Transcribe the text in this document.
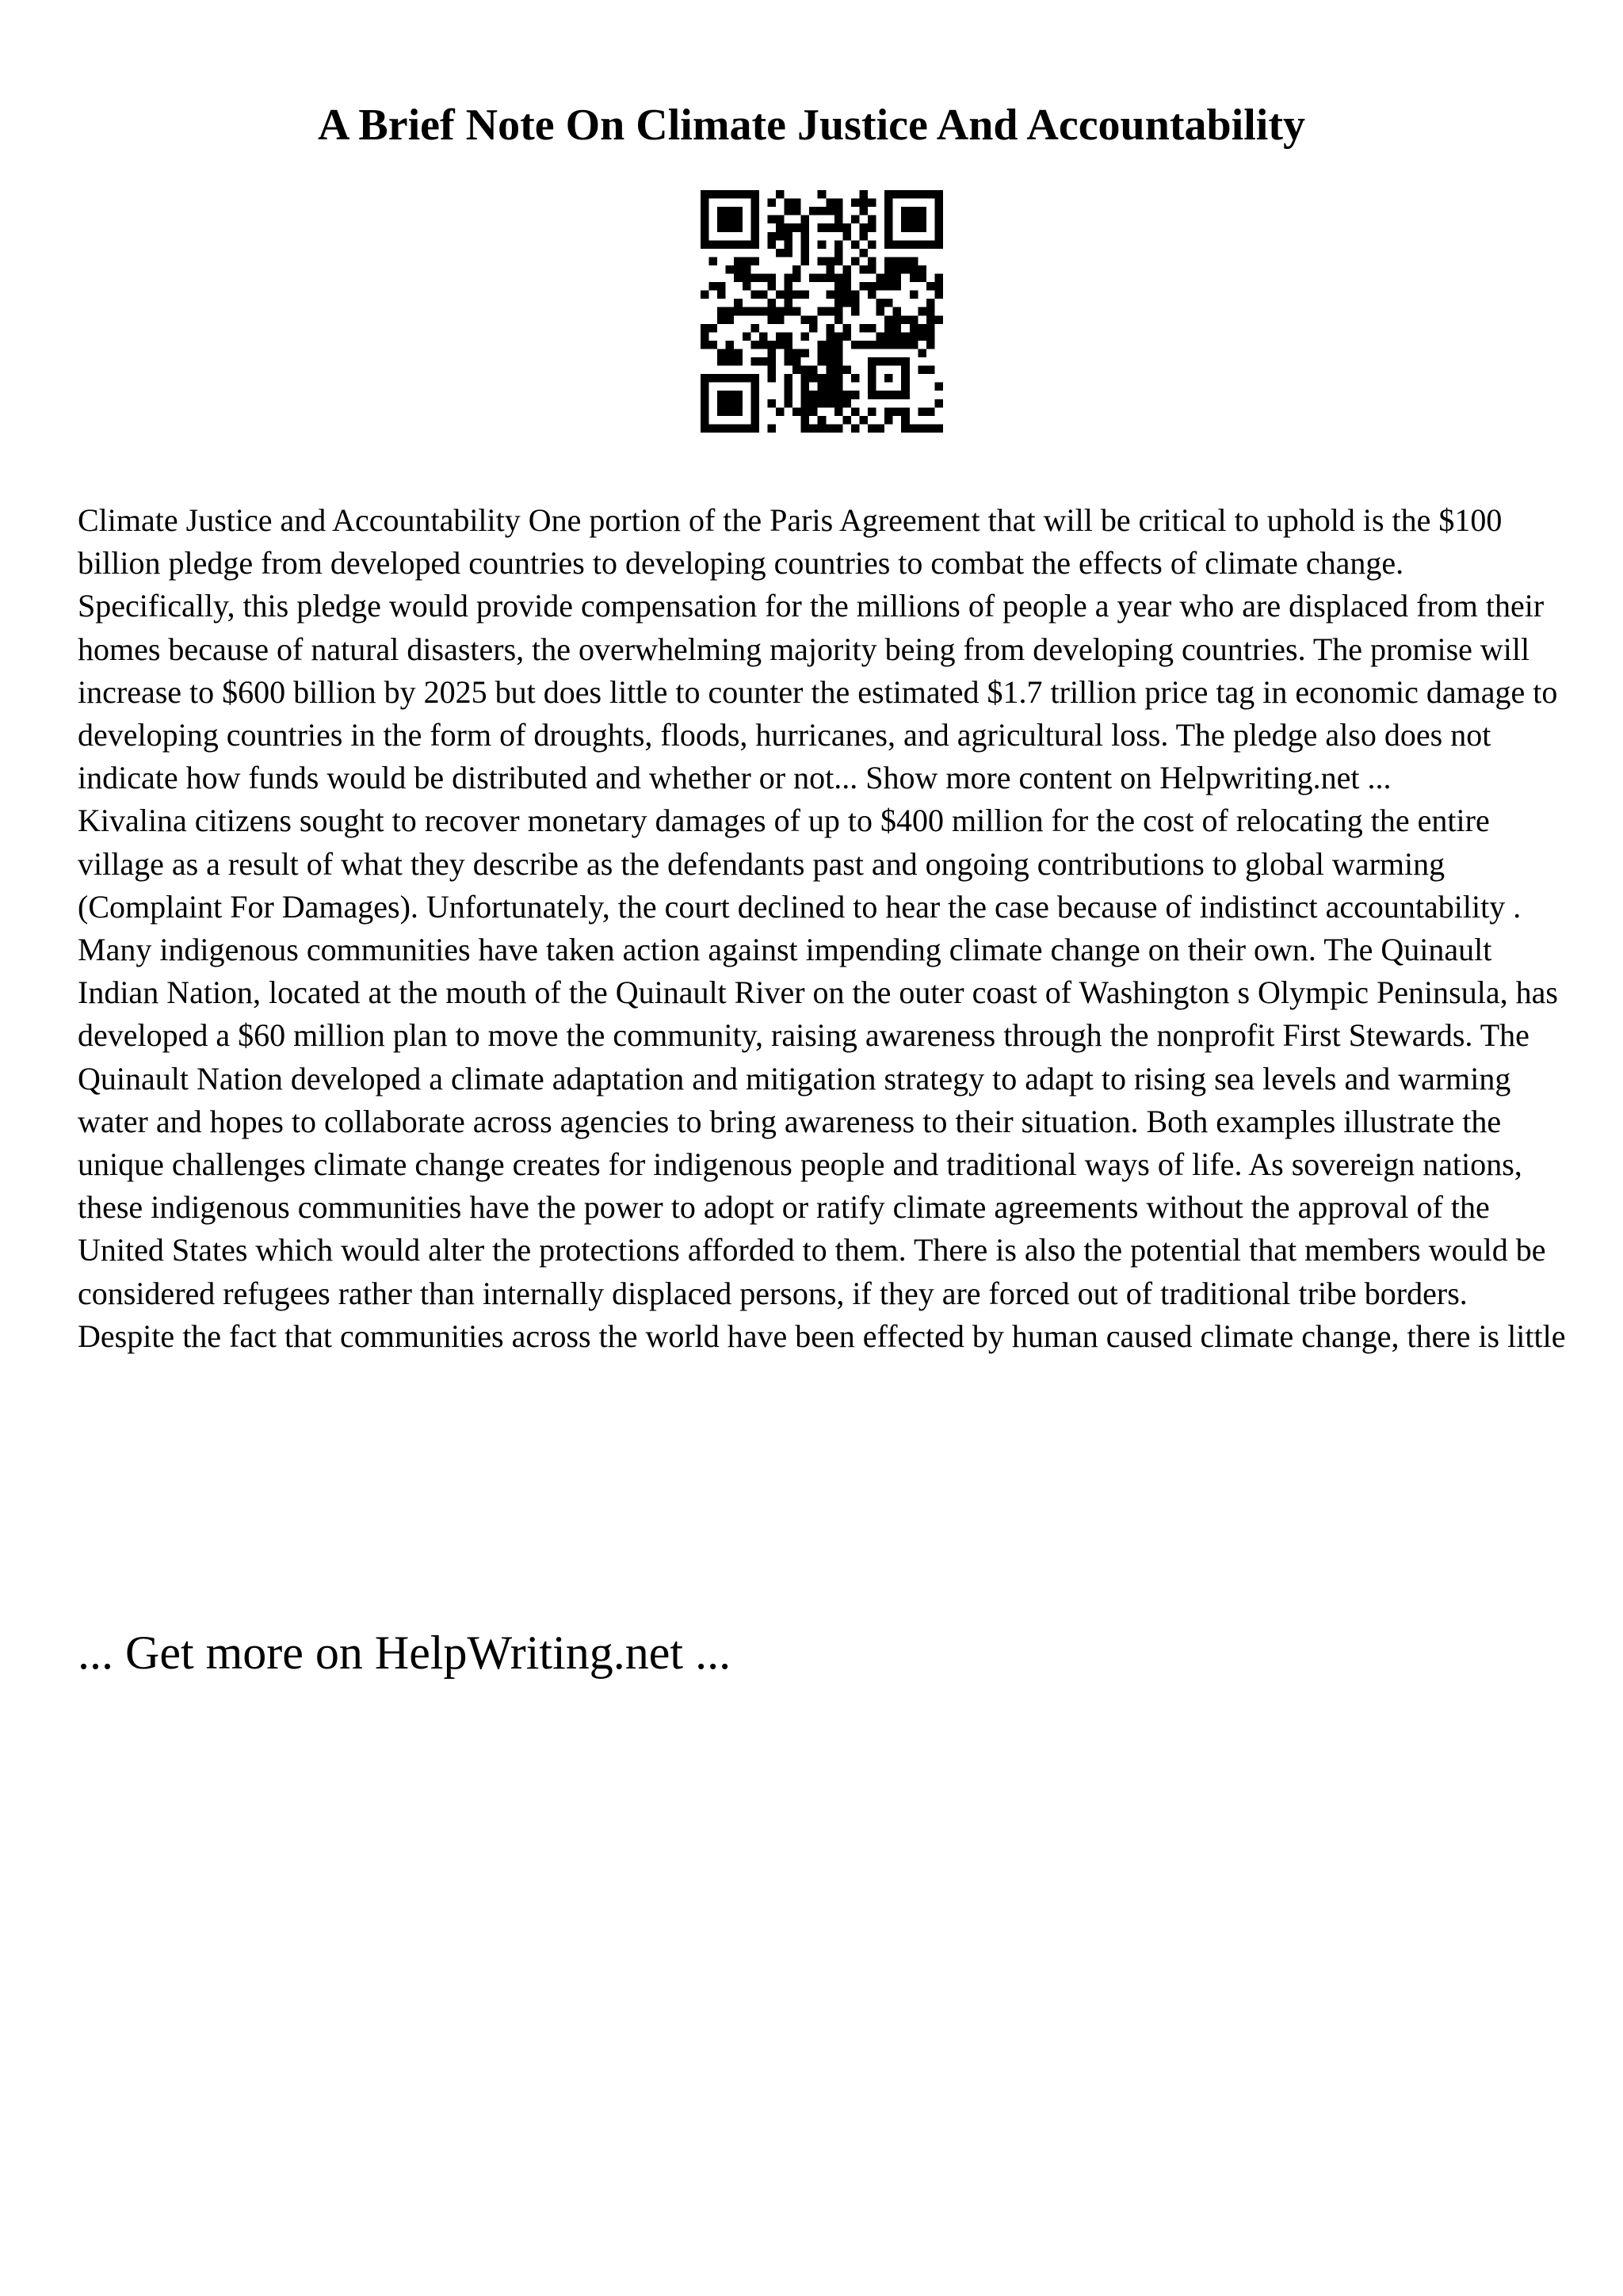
A Brief Note On Climate Justice And Accountability

Climate Justice and Accountability One portion of the Paris Agreement that will be critical to uphold is the $100 billion pledge from developed countries to developing countries to combat the effects of climate change. Specifically, this pledge would provide compensation for the millions of people a year who are displaced from their homes because of natural disasters, the overwhelming majority being from developing countries. The promise will increase to $600 billion by 2025 but does little to counter the estimated $1.7 trillion price tag in economic damage to developing countries in the form of droughts, floods, hurricanes, and agricultural loss. The pledge also does not indicate how funds would be distributed and whether or not... Show more content on Helpwriting.net ...

Kivalina citizens sought to recover monetary damages of up to $400 million for the cost of relocating the entire village as a result of what they describe as the defendants past and ongoing contributions to global warming (Complaint For Damages). Unfortunately, the court declined to hear the case because of indistinct accountability . Many indigenous communities have taken action against impending climate change on their own. The Quinault Indian Nation, located at the mouth of the Quinault River on the outer coast of Washington s Olympic Peninsula, has developed a $60 million plan to move the community, raising awareness through the nonprofit First Stewards. The Quinault Nation developed a climate adaptation and mitigation strategy to adapt to rising sea levels and warming water and hopes to collaborate across agencies to bring awareness to their situation. Both examples illustrate the unique challenges climate change creates for indigenous people and traditional ways of life. As sovereign nations, these indigenous communities have the power to adopt or ratify climate agreements without the approval of the United States which would alter the protections afforded to them. There is also the potential that members would be considered refugees rather than internally displaced persons, if they are forced out of traditional tribe borders. Despite the fact that communities across the world have been effected by human caused climate change, there is little

... Get more on HelpWriting.net ...
